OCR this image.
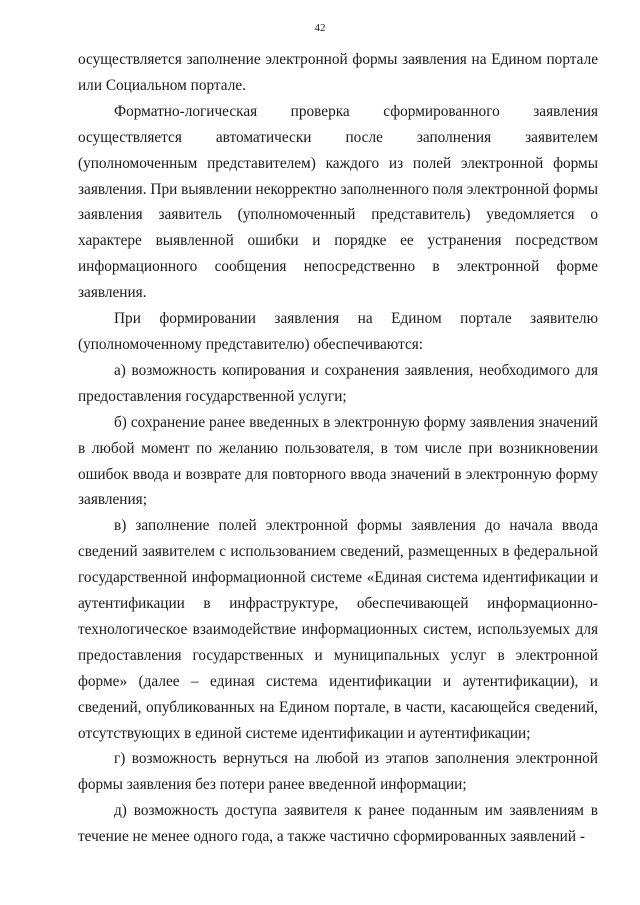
42

осуществляется заполнение электронной формы заявления на Едином портале или Социальном портале.

Форматно-логическая проверка сформированного заявления осуществляется автоматически после заполнения заявителем (уполномоченным представителем) каждого из полей электронной формы заявления. При выявлении некорректно заполненного поля электронной формы заявления заявитель (уполномоченный представитель) уведомляется о характере выявленной ошибки и порядке ее устранения посредством информационного сообщения непосредственно в электронной форме заявления.

При формировании заявления на Едином портале заявителю (уполномоченному представителю) обеспечиваются:

а) возможность копирования и сохранения заявления, необходимого для предоставления государственной услуги;

б) сохранение ранее введенных в электронную форму заявления значений в любой момент по желанию пользователя, в том числе при возникновении ошибок ввода и возврате для повторного ввода значений в электронную форму заявления;

в) заполнение полей электронной формы заявления до начала ввода сведений заявителем с использованием сведений, размещенных в федеральной государственной информационной системе «Единая система идентификации и аутентификации в инфраструктуре, обеспечивающей информационно-технологическое взаимодействие информационных систем, используемых для предоставления государственных и муниципальных услуг в электронной форме» (далее – единая система идентификации и аутентификации), и сведений, опубликованных на Едином портале, в части, касающейся сведений, отсутствующих в единой системе идентификации и аутентификации;

г) возможность вернуться на любой из этапов заполнения электронной формы заявления без потери ранее введенной информации;

д) возможность доступа заявителя к ранее поданным им заявлениям в течение не менее одного года, а также частично сформированных заявлений -
